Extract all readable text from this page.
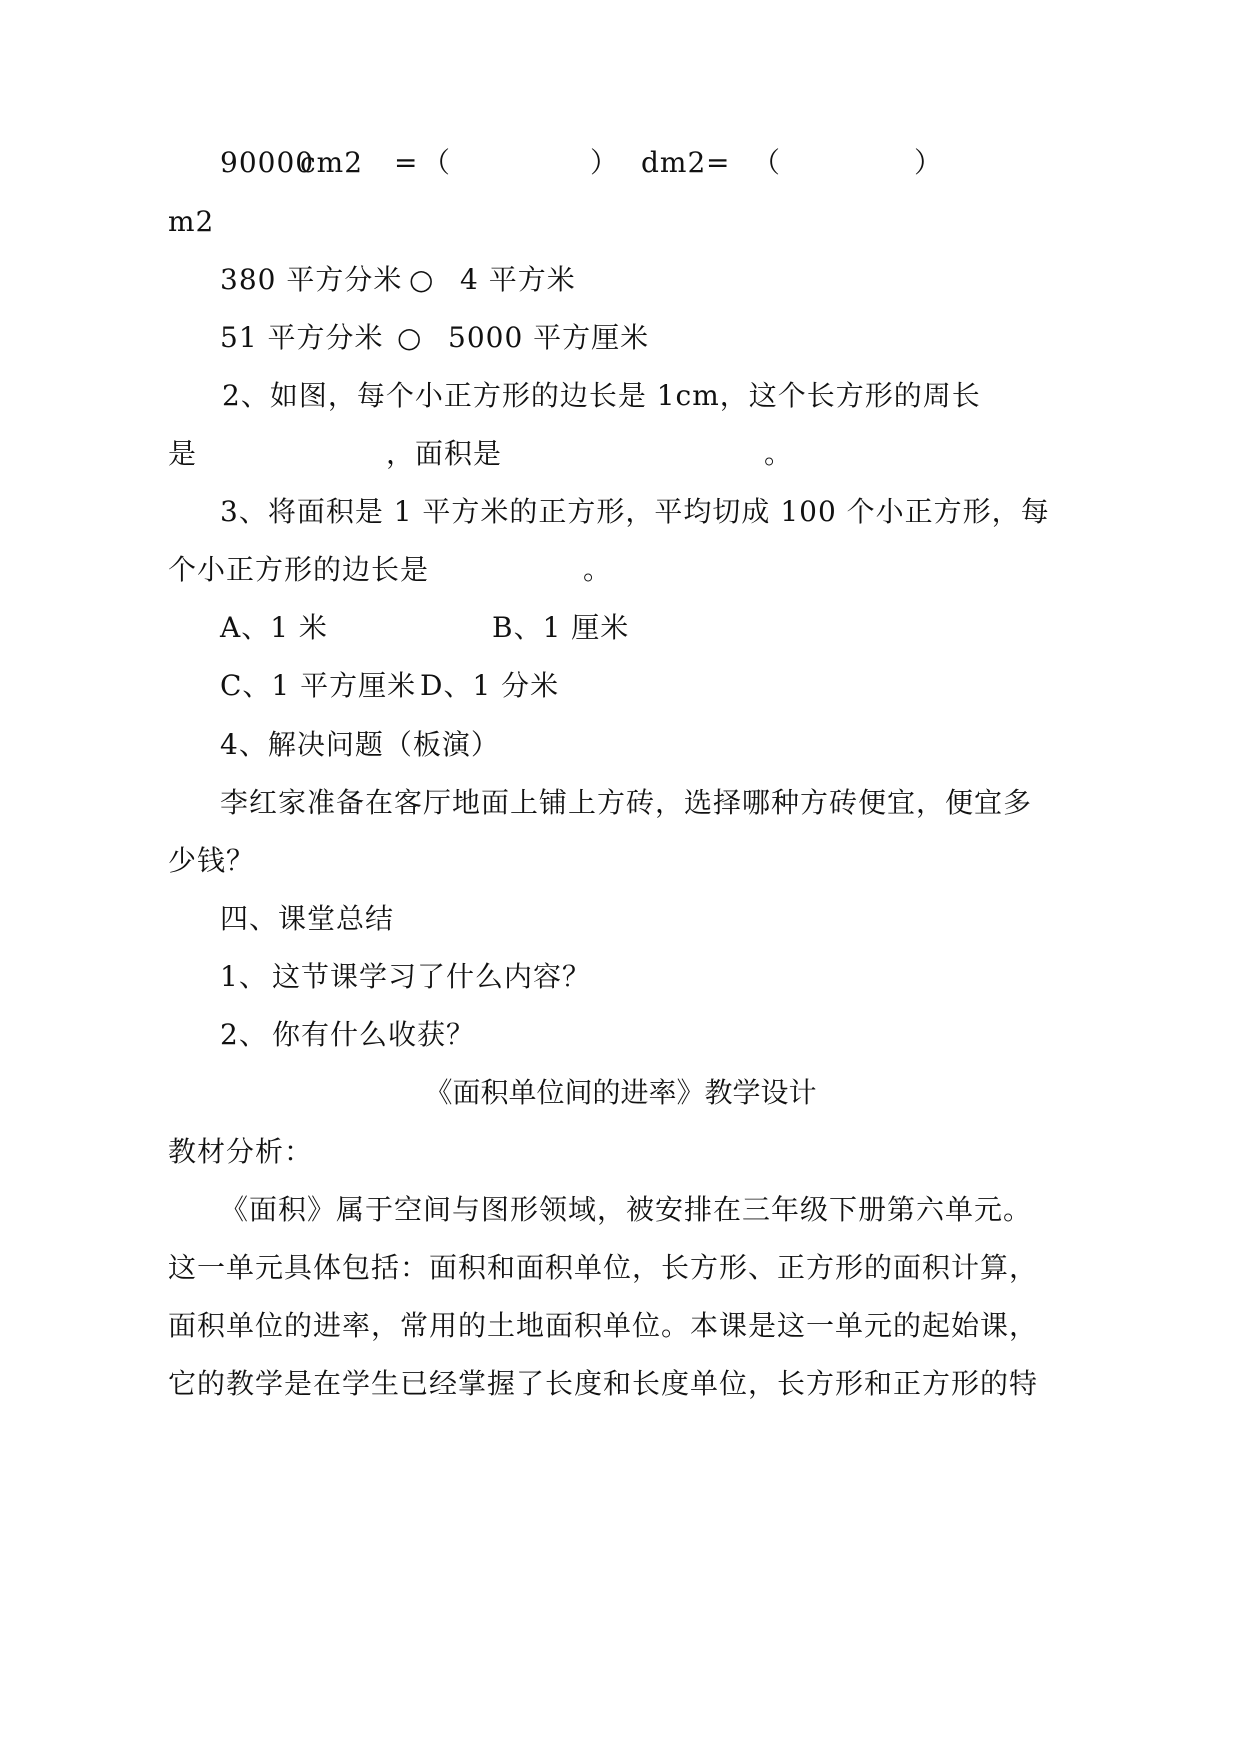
90000
cm2 = （	） dm2 = （	）
m2
380 平方分米 ○ 4 平方米
51 平方分米 ○ 5000 平方厘米
2、如图，每个小正方形的边长是 1cm，这个长方形的周长
是	，面积是	。
3、将面积是 1 平方米的正方形，平均切成 100 个小正方形，每
个小正方形的边长是	。
A、1 米	B、1 厘米
C、1 平方厘米 D、1 分米
4、解决问题（板演）
李红家准备在客厅地面上铺上方砖，选择哪种方砖便宜，便宜多
少钱？
四、课堂总结
1、 这节课学习了什么内容？
2、 你有什么收获？
《面积单位间的进率》教学设计
教材分析：
《面积》属于空间与图形领域，被安排在三年级下册第六单元。
这一单元具体包括：面积和面积单位，长方形、正方形的面积计算，
面积单位的进率，常用的土地面积单位。本课是这一单元的起始课，
它的教学是在学生已经掌握了长度和长度单位，长方形和正方形的特
